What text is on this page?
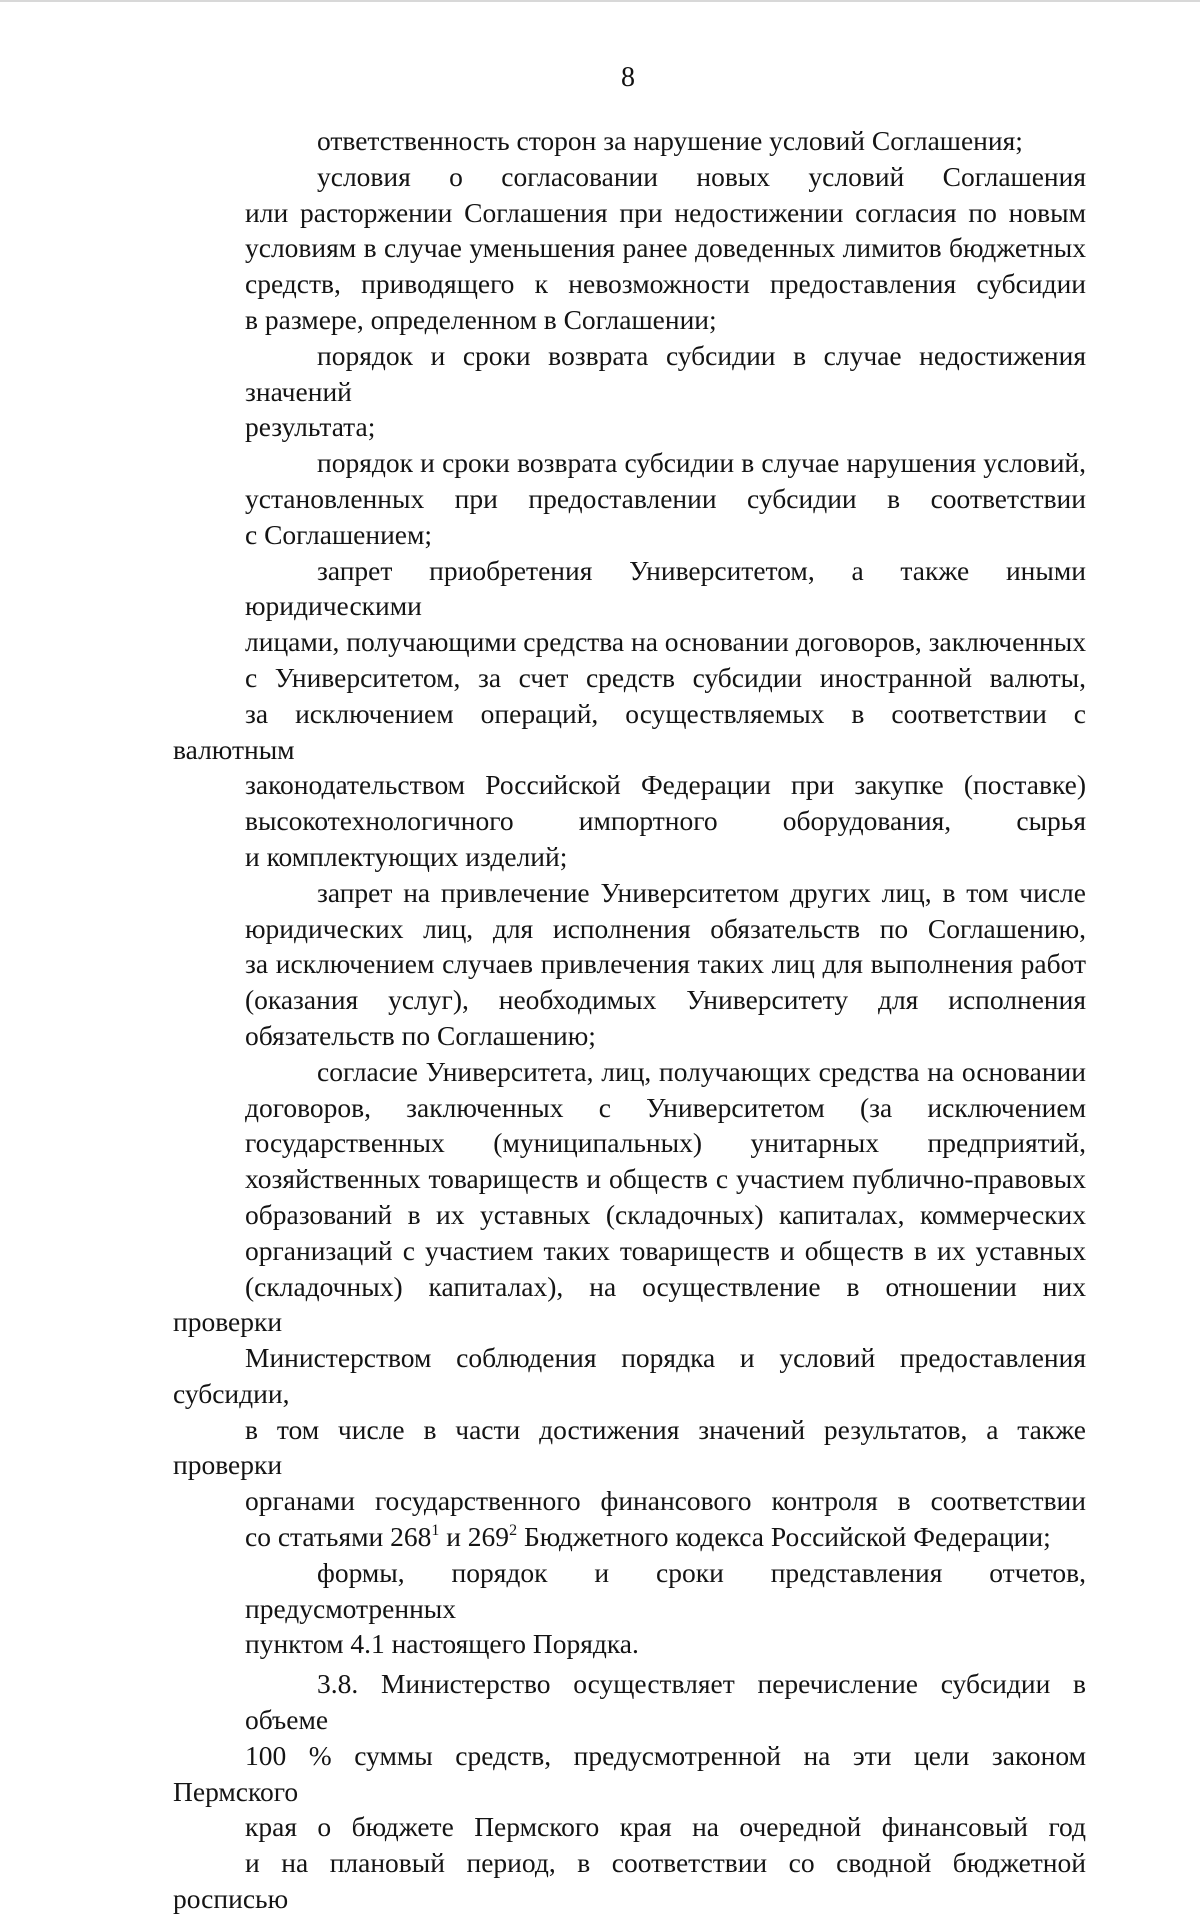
8

ответственность сторон за нарушение условий Соглашения;

условия о согласовании новых условий Соглашения
или расторжении Соглашения при недостижении согласия по новым
условиям в случае уменьшения ранее доведенных лимитов бюджетных
средств, приводящего к невозможности предоставления субсидии
в размере, определенном в Соглашении;

порядок и сроки возврата субсидии в случае недостижения значений
результата;

порядок и сроки возврата субсидии в случае нарушения условий,
установленных при предоставлении субсидии в соответствии
с Соглашением;

запрет приобретения Университетом, а также иными юридическими
лицами, получающими средства на основании договоров, заключенных
с Университетом, за счет средств субсидии иностранной валюты,
за исключением операций, осуществляемых в соответствии с валютным
законодательством Российской Федерации при закупке (поставке)
высокотехнологичного импортного оборудования, сырья
и комплектующих изделий;

запрет на привлечение Университетом других лиц, в том числе
юридических лиц, для исполнения обязательств по Соглашению,
за исключением случаев привлечения таких лиц для выполнения работ
(оказания услуг), необходимых Университету для исполнения
обязательств по Соглашению;

согласие Университета, лиц, получающих средства на основании
договоров, заключенных с Университетом (за исключением
государственных (муниципальных) унитарных предприятий,
хозяйственных товариществ и обществ с участием публично-правовых
образований в их уставных (складочных) капиталах, коммерческих
организаций с участием таких товариществ и обществ в их уставных
(складочных) капиталах), на осуществление в отношении них проверки
Министерством соблюдения порядка и условий предоставления субсидии,
в том числе в части достижения значений результатов, а также проверки
органами государственного финансового контроля в соответствии
со статьями $268^1$ и $269^2$ Бюджетного кодекса Российской Федерации;

формы, порядок и сроки представления отчетов, предусмотренных
пунктом 4.1 настоящего Порядка.

3.8. Министерство осуществляет перечисление субсидии в объеме
100 % суммы средств, предусмотренной на эти цели законом Пермского
края о бюджете Пермского края на очередной финансовый год
и на плановый период, в соответствии со сводной бюджетной росписью
